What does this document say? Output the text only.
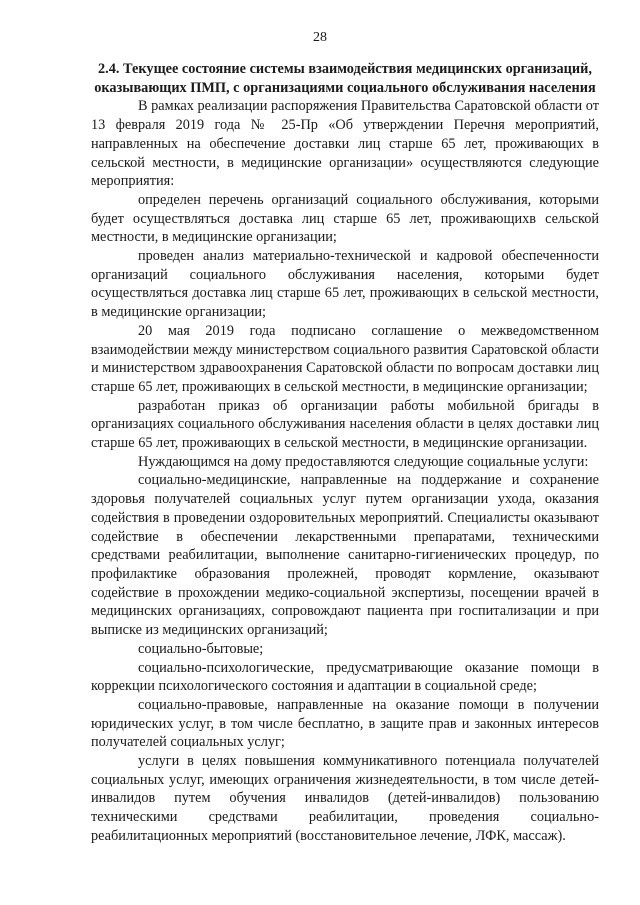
28

2.4. Текущее состояние системы взаимодействия медицинских организаций, оказывающих ПМП, с организациями социального обслуживания населения

В рамках реализации распоряжения Правительства Саратовской области от 13 февраля 2019 года № 25-Пр «Об утверждении Перечня мероприятий, направленных на обеспечение доставки лиц старше 65 лет, проживающих в сельской местности, в медицинские организации» осуществляются следующие мероприятия:

определен перечень организаций социального обслуживания, которыми будет осуществляться доставка лиц старше 65 лет, проживающихв сельской местности, в медицинские организации;

проведен анализ материально-технической и кадровой обеспеченности организаций социального обслуживания населения, которыми будет осуществляться доставка лиц старше 65 лет, проживающих в сельской местности, в медицинские организации;

20 мая 2019 года подписано соглашение о межведомственном взаимодействии между министерством социального развития Саратовской области и министерством здравоохранения Саратовской области по вопросам доставки лиц старше 65 лет, проживающих в сельской местности, в медицинские организации;

разработан приказ об организации работы мобильной бригады в организациях социального обслуживания населения области в целях доставки лиц старше 65 лет, проживающих в сельской местности, в медицинские организации.

Нуждающимся на дому предоставляются следующие социальные услуги:

социально-медицинские, направленные на поддержание и сохранение здоровья получателей социальных услуг путем организации ухода, оказания содействия в проведении оздоровительных мероприятий. Специалисты оказывают содействие в обеспечении лекарственными препаратами, техническими средствами реабилитации, выполнение санитарно-гигиенических процедур, по профилактике образования пролежней, проводят кормление, оказывают содействие в прохождении медико-социальной экспертизы, посещении врачей в медицинских организациях, сопровождают пациента при госпитализации и при выписке из медицинских организаций;

социально-бытовые;

социально-психологические, предусматривающие оказание помощи в коррекции психологического состояния и адаптации в социальной среде;

социально-правовые, направленные на оказание помощи в получении юридических услуг, в том числе бесплатно, в защите прав и законных интересов получателей социальных услуг;

услуги в целях повышения коммуникативного потенциала получателей социальных услуг, имеющих ограничения жизнедеятельности, в том числе детей-инвалидов путем обучения инвалидов (детей-инвалидов) пользованию техническими средствами реабилитации, проведения социально-реабилитационных мероприятий (восстановительное лечение, ЛФК, массаж).
